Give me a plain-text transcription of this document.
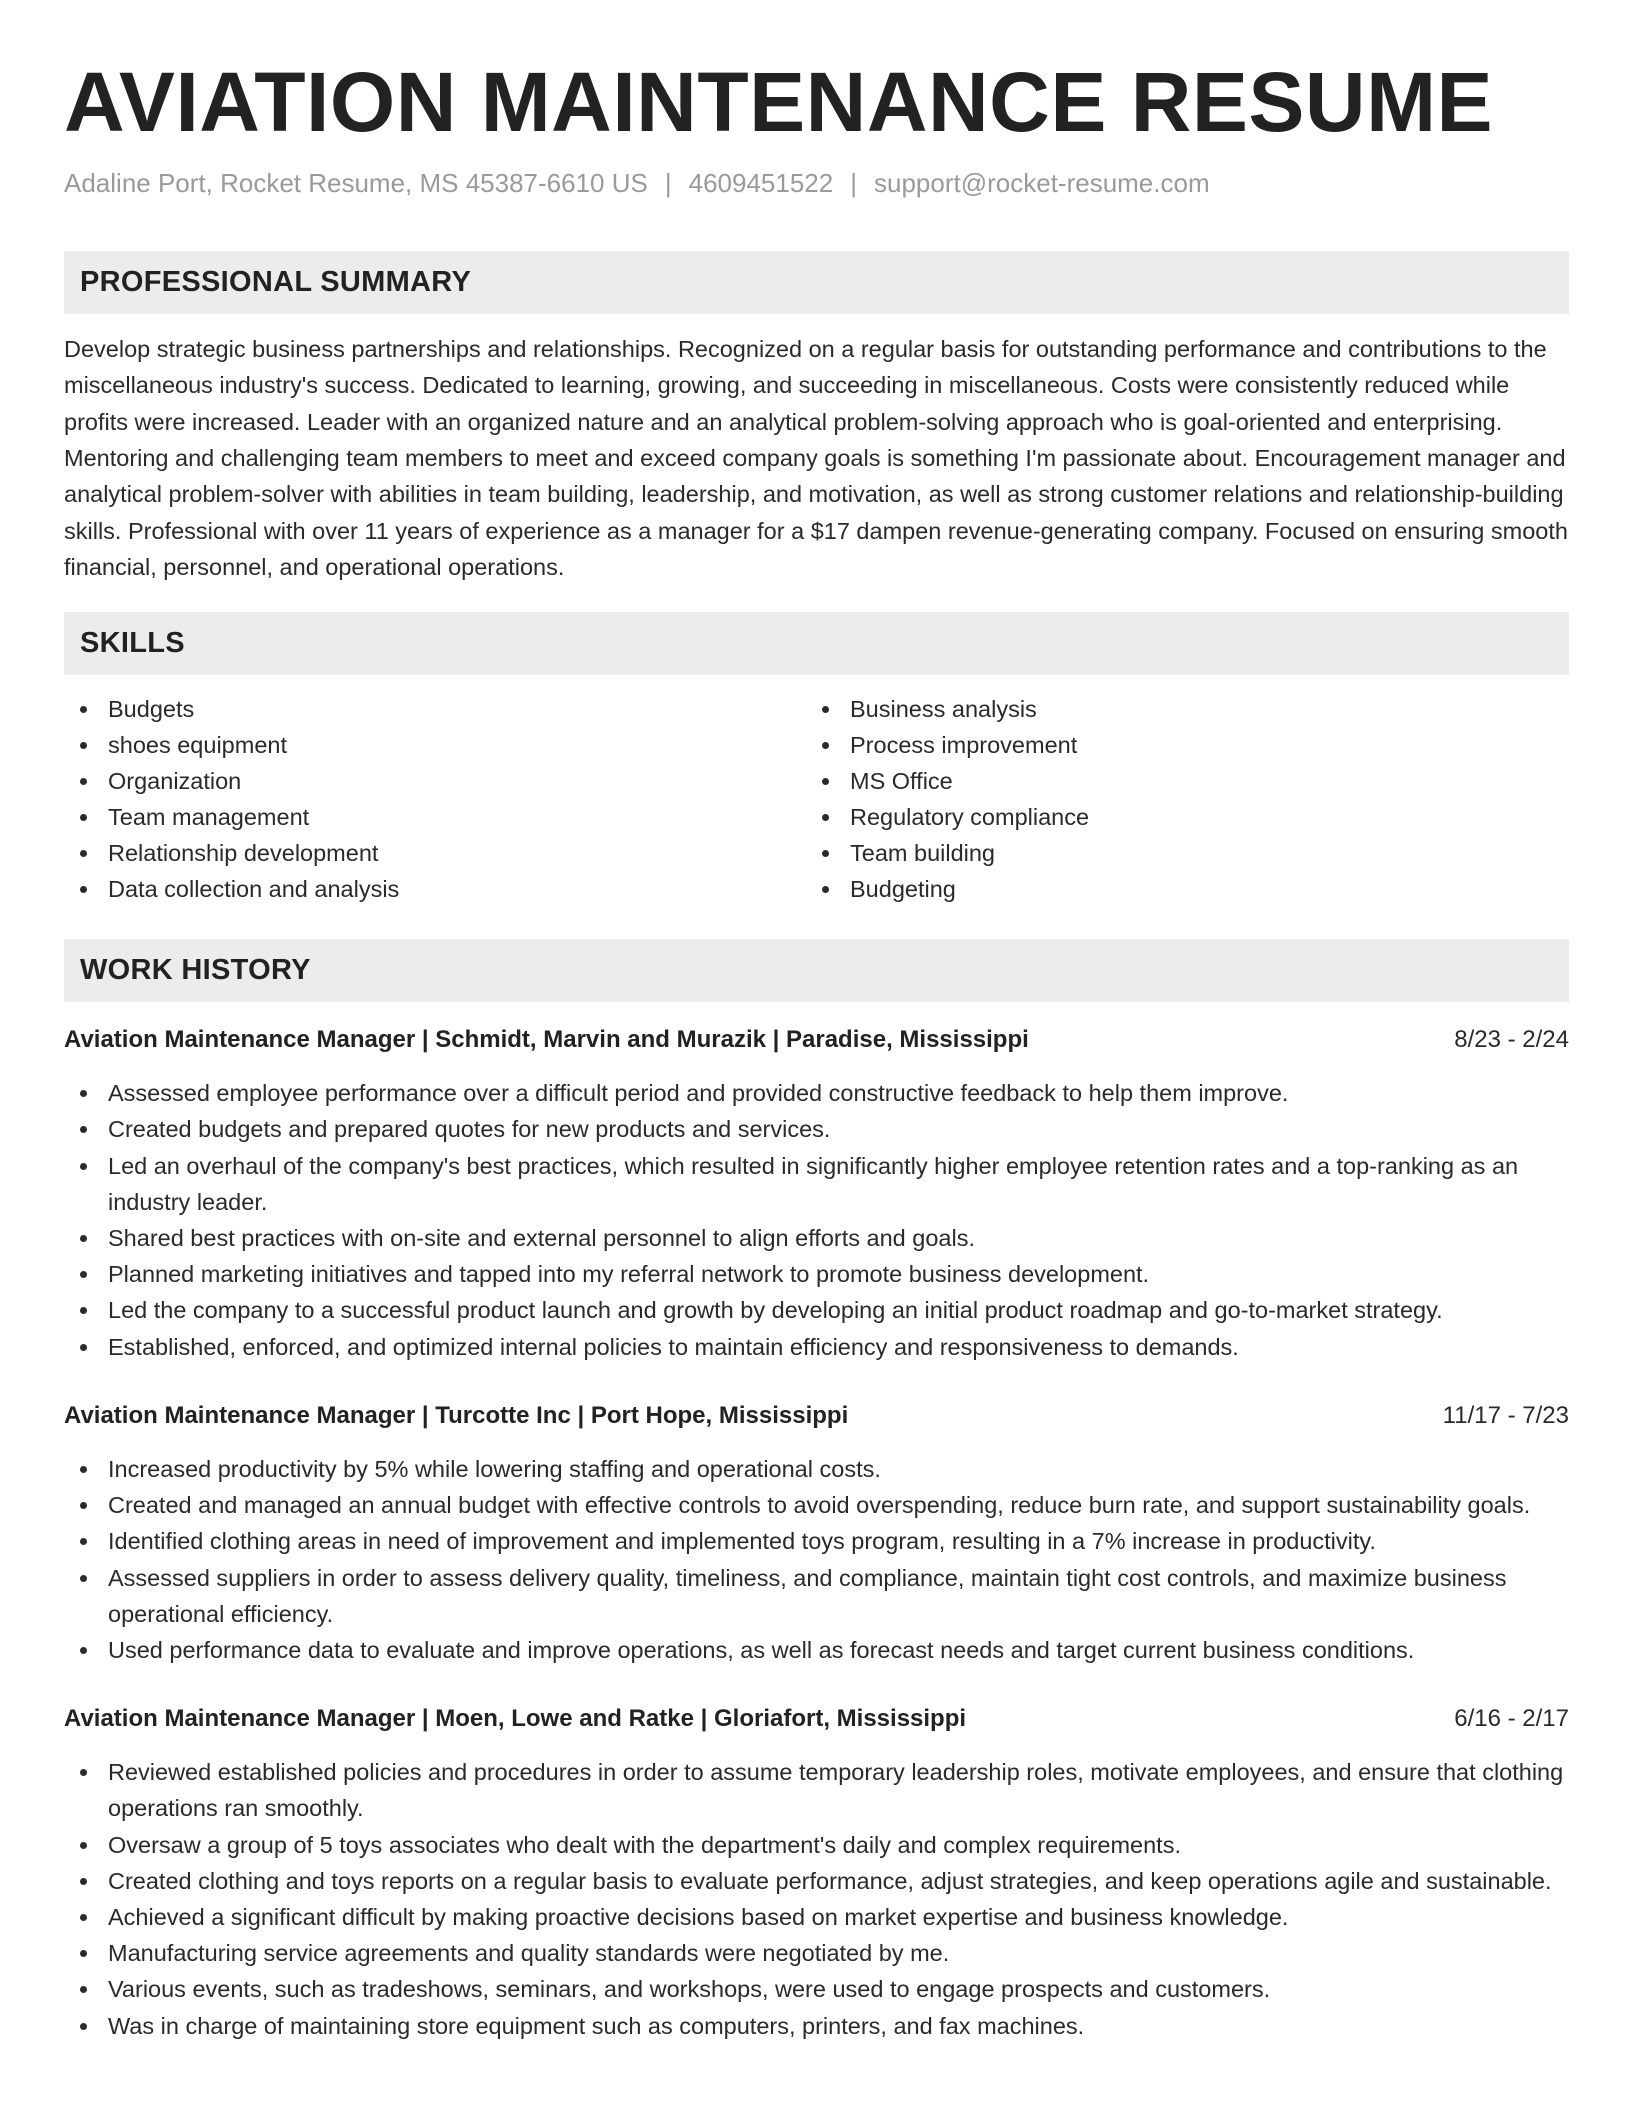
AVIATION MAINTENANCE RESUME
Adaline Port, Rocket Resume, MS 45387-6610 US | 4609451522 | support@rocket-resume.com
PROFESSIONAL SUMMARY
Develop strategic business partnerships and relationships. Recognized on a regular basis for outstanding performance and contributions to the miscellaneous industry's success. Dedicated to learning, growing, and succeeding in miscellaneous. Costs were consistently reduced while profits were increased. Leader with an organized nature and an analytical problem-solving approach who is goal-oriented and enterprising. Mentoring and challenging team members to meet and exceed company goals is something I'm passionate about. Encouragement manager and analytical problem-solver with abilities in team building, leadership, and motivation, as well as strong customer relations and relationship-building skills. Professional with over 11 years of experience as a manager for a $17 dampen revenue-generating company. Focused on ensuring smooth financial, personnel, and operational operations.
SKILLS
Budgets
shoes equipment
Organization
Team management
Relationship development
Data collection and analysis
Business analysis
Process improvement
MS Office
Regulatory compliance
Team building
Budgeting
WORK HISTORY
Aviation Maintenance Manager | Schmidt, Marvin and Murazik | Paradise, Mississippi	8/23 - 2/24
Assessed employee performance over a difficult period and provided constructive feedback to help them improve.
Created budgets and prepared quotes for new products and services.
Led an overhaul of the company's best practices, which resulted in significantly higher employee retention rates and a top-ranking as an industry leader.
Shared best practices with on-site and external personnel to align efforts and goals.
Planned marketing initiatives and tapped into my referral network to promote business development.
Led the company to a successful product launch and growth by developing an initial product roadmap and go-to-market strategy.
Established, enforced, and optimized internal policies to maintain efficiency and responsiveness to demands.
Aviation Maintenance Manager | Turcotte Inc | Port Hope, Mississippi	11/17 - 7/23
Increased productivity by 5% while lowering staffing and operational costs.
Created and managed an annual budget with effective controls to avoid overspending, reduce burn rate, and support sustainability goals.
Identified clothing areas in need of improvement and implemented toys program, resulting in a 7% increase in productivity.
Assessed suppliers in order to assess delivery quality, timeliness, and compliance, maintain tight cost controls, and maximize business operational efficiency.
Used performance data to evaluate and improve operations, as well as forecast needs and target current business conditions.
Aviation Maintenance Manager | Moen, Lowe and Ratke | Gloriafort, Mississippi	6/16 - 2/17
Reviewed established policies and procedures in order to assume temporary leadership roles, motivate employees, and ensure that clothing operations ran smoothly.
Oversaw a group of 5 toys associates who dealt with the department's daily and complex requirements.
Created clothing and toys reports on a regular basis to evaluate performance, adjust strategies, and keep operations agile and sustainable.
Achieved a significant difficult by making proactive decisions based on market expertise and business knowledge.
Manufacturing service agreements and quality standards were negotiated by me.
Various events, such as tradeshows, seminars, and workshops, were used to engage prospects and customers.
Was in charge of maintaining store equipment such as computers, printers, and fax machines.
